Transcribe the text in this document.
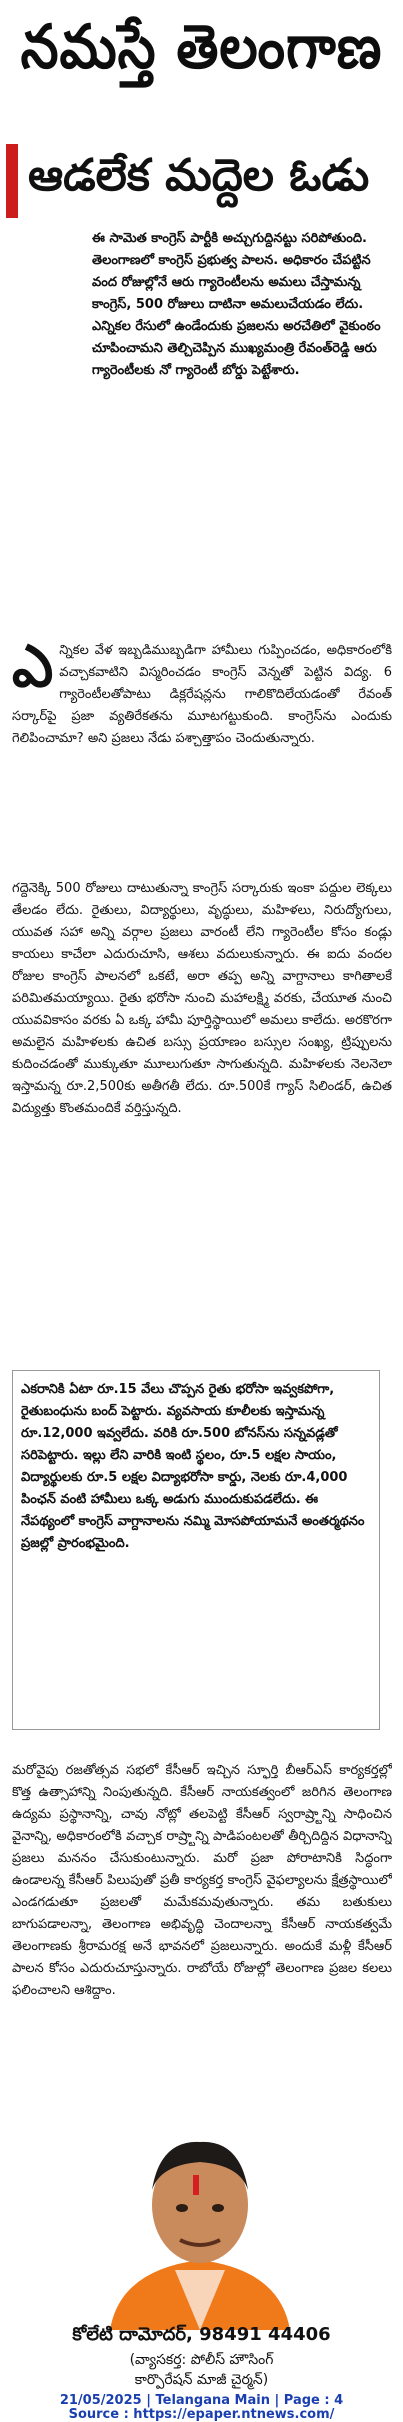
నమస్తే తెలంగాణ
ఆడలేక మద్దెల ఓడు
ఈ సామెత కాంగ్రెస్ పార్టీకి అచ్చుగుద్దినట్టు సరిపోతుంది. తెలంగాణలో కాంగ్రెస్ ప్రభుత్వ పాలన. అధికారం చేపట్టిన వంద రోజుల్లోనే ఆరు గ్యారెంటీలను అమలు చేస్తామన్న కాంగ్రెస్, 500 రోజులు దాటినా అమలుచేయడం లేదు. ఎన్నికల రేసులో ఉండేందుకు ప్రజలను అరచేతిలో వైకుంఠం చూపించామని తెల్చిచెప్పిన ముఖ్యమంత్రి రేవంత్‌రెడ్డి ఆరు గ్యారెంటీలకు నో గ్యారెంటీ బోర్డు పెట్టేశారు.
ఎ న్నికల వేళ ఇబ్బడిముబ్బడిగా హామీలు గుప్పించడం, అధికారంలోకి వచ్చాకవాటిని విస్మరించడం కాంగ్రెస్ వెన్నతో పెట్టిన విద్య. 6 గ్యారెంటీలతోపాటు డిక్లరేషన్లను గాలికొదిలేయడంతో రేవంత్ సర్కార్‌పై ప్రజా వ్యతిరేకతను మూటగట్టుకుంది. కాంగ్రెస్‌ను ఎందుకు గెలిపించామా? అని ప్రజలు నేడు పశ్చాత్తాపం చెందుతున్నారు.
గద్దెనెక్కి 500 రోజులు దాటుతున్నా కాంగ్రెస్ సర్కారుకు ఇంకా పద్దుల లెక్కలు తేలడం లేదు. రైతులు, విద్యార్థులు, వృద్ధులు, మహిళలు, నిరుద్యోగులు, యువత సహా అన్ని వర్గాల ప్రజలు వారంటీ లేని గ్యారెంటీల కోసం కండ్లు కాయలు కాచేలా ఎదురుచూసి, ఆశలు వదులుకున్నారు. ఈ ఐదు వందల రోజుల కాంగ్రెస్ పాలనలో ఒకటే, అరా తప్ప అన్ని వాగ్దానాలు కాగితాలకే పరిమితమయ్యాయి. రైతు భరోసా నుంచి మహాలక్ష్మి వరకు, చేయూత నుంచి యువవికాసం వరకు ఏ ఒక్క హామీ పూర్తిస్థాయిలో అమలు కాలేదు. అరకొరగా అమలైన మహిళలకు ఉచిత బస్సు ప్రయాణం బస్సుల సంఖ్య, ట్రిప్పులను కుదించడంతో ముక్కుతూ మూలుగుతూ సాగుతున్నది. మహిళలకు నెలనెలా ఇస్తామన్న రూ.2,500కు అతీగతీ లేదు. రూ.500కే గ్యాస్ సిలిండర్, ఉచిత విద్యుత్తు కొంతమందికే వర్తిస్తున్నది.
ఎకరానికి ఏటా రూ.15 వేలు చొప్పన రైతు భరోసా ఇవ్వకపోగా, రైతుబంధును బంద్ పెట్టారు. వ్యవసాయ కూలీలకు ఇస్తామన్న రూ.12,000 ఇవ్వలేదు. వరికి రూ.500 బోనస్‌ను సన్నవడ్లతో సరిపెట్టారు. ఇల్లు లేని వారికి ఇంటి స్థలం, రూ.5 లక్షల సాయం, విద్యార్థులకు రూ.5 లక్షల విద్యాభరోసా కార్డు, నెలకు రూ.4,000 పింఛన్ వంటి హామీలు ఒక్క అడుగు ముందుకుపడలేదు. ఈ నేపథ్యంలో కాంగ్రెస్ వాగ్దానాలను నమ్మి మోసపోయామనే అంతర్మథనం ప్రజల్లో ప్రారంభమైంది.
మరోవైపు రజతోత్సవ సభలో కేసీఆర్ ఇచ్చిన స్ఫూర్తి బీఆర్‌ఎస్ కార్యకర్తల్లో కొత్త ఉత్సాహాన్ని నింపుతున్నది. కేసీఆర్ నాయకత్వంలో జరిగిన తెలంగాణ ఉద్యమ ప్రస్థానాన్ని, చావు నోట్లో తలపెట్టి కేసీఆర్ స్వరాష్ర్టాన్ని సాధించిన వైనాన్ని, అధికారంలోకి వచ్చాక రాష్ర్టాన్ని పాడిపంటలతో తీర్చిదిద్దిన విధానాన్ని ప్రజలు మననం చేసుకుంటున్నారు. మరో ప్రజా పోరాటానికి సిద్ధంగా ఉండాలన్న కేసీఆర్ పిలుపుతో ప్రతీ కార్యకర్త కాంగ్రెస్ వైఫల్యాలను క్షేత్రస్థాయిలో ఎండగడుతూ ప్రజలతో మమేకమవుతున్నారు. తమ బతుకులు బాగుపడాలన్నా, తెలంగాణ అభివృద్ధి చెందాలన్నా కేసీఆర్ నాయకత్వమే తెలంగాణకు శ్రీరామరక్ష అనే భావనలో ప్రజలున్నారు. అందుకే మళ్లీ కేసీఆర్ పాలన కోసం ఎదురుచూస్తున్నారు. రాబోయే రోజుల్లో తెలంగాణ ప్రజల కలలు ఫలించాలని ఆశిద్దాం.
కోలేటి దామోదర్, 98491 44406
(వ్యాసకర్త: పోలీస్ హౌసింగ్
కార్పొరేషన్ మాజీ చైర్మన్)
21/05/2025 | Telangana Main | Page : 4
Source : https://epaper.ntnews.com/
